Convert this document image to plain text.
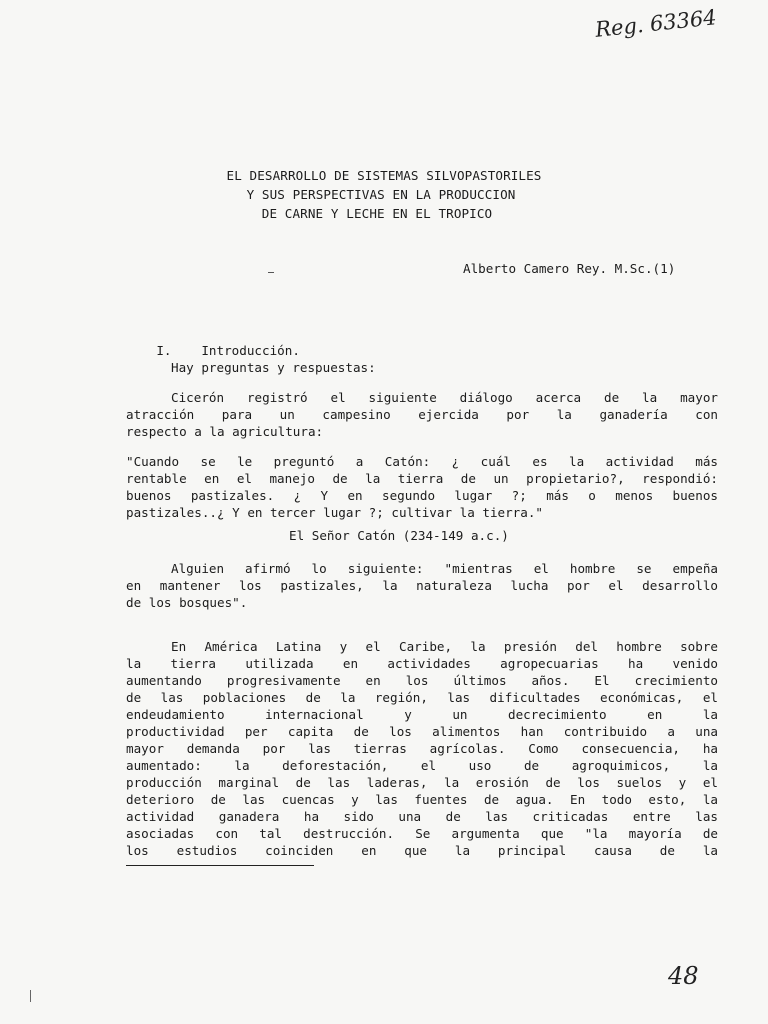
Reg. 63364
EL DESARROLLO DE SISTEMAS SILVOPASTORILES
Y SUS PERSPECTIVAS EN LA PRODUCCION
DE CARNE Y LECHE EN EL TROPICO
Alberto Camero Rey. M.Sc.(1)

I. Introducción.

Hay preguntas y respuestas:
Cicerón registró el siguiente diálogo acerca de la mayor
atracción para un campesino ejercida por la ganadería con
respecto a la agricultura:
"Cuando se le preguntó a Catón: ¿ cuál es la actividad más
rentable en el manejo de la tierra de un propietario?, respondió:
buenos pastizales. ¿ Y en segundo lugar ?; más o menos buenos
pastizales..¿ Y en tercer lugar ?; cultivar la tierra."
El Señor Catón (234-149 a.c.)
Alguien afirmó lo siguiente: "mientras el hombre se empeña
en mantener los pastizales, la naturaleza lucha por el desarrollo
de los bosques".
En América Latina y el Caribe, la presión del hombre sobre
la tierra utilizada en actividades agropecuarias ha venido
aumentando progresivamente en los últimos años. El crecimiento
de las poblaciones de la región, las dificultades económicas, el
endeudamiento internacional y un decrecimiento en la
productividad per capita de los alimentos han contribuido a una
mayor demanda por las tierras agrícolas. Como consecuencia, ha
aumentado: la deforestación, el uso de agroquimicos, la
producción marginal de las laderas, la erosión de los suelos y el
deterioro de las cuencas y las fuentes de agua. En todo esto, la
actividad ganadera ha sido una de las criticadas entre las
asociadas con tal destrucción. Se argumenta que "la mayoría de
los estudios coinciden en que la principal causa de la
48
